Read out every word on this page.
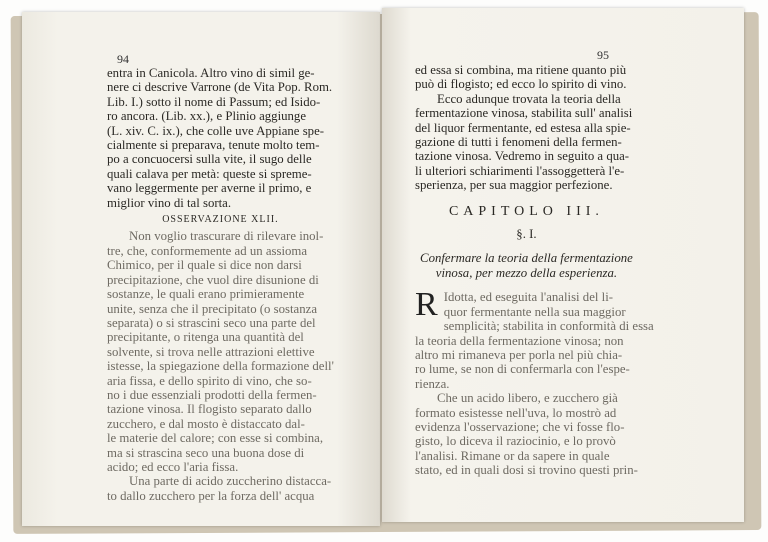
94
entra in Canicola. Altro vino di simil ge-
nere ci descrive Varrone (de Vita Pop. Rom.
Lib. I.) sotto il nome di Passum; ed Isido-
ro ancora. (Lib. xx.), e Plinio aggiunge
(L. xiv. C. ix.), che colle uve Appiane spe-
cialmente si preparava, tenute molto tem-
po a concuocersi sulla vite, il sugo delle
quali calava per metà: queste si spreme-
vano leggermente per averne il primo, e
miglior vino di tal sorta.
OSSERVAZIONE XLII.
Non voglio trascurare di rilevare inol-
tre, che, conformemente ad un assioma
Chimico, per il quale si dice non darsi
precipitazione, che vuol dire disunione di
sostanze, le quali erano primieramente
unite, senza che il precipitato (o sostanza
separata) o si strascini seco una parte del
precipitante, o ritenga una quantità del
solvente, si trova nelle attrazioni elettive
istesse, la spiegazione della formazione dell'
aria fissa, e dello spirito di vino, che so-
no i due essenziali prodotti della fermen-
tazione vinosa. Il flogisto separato dallo
zucchero, e dal mosto è distaccato dal-
le materie del calore; con esse si combina,
ma si strascina seco una buona dose di
acido; ed ecco l'aria fissa.
Una parte di acido zuccherino distacca-
to dallo zucchero per la forza dell' acqua
95
ed essa si combina, ma ritiene quanto più
può di flogisto; ed ecco lo spirito di vino.
Ecco adunque trovata la teoria della
fermentazione vinosa, stabilita sull' analisi
del liquor fermentante, ed estesa alla spie-
gazione di tutti i fenomeni della fermen-
tazione vinosa. Vedremo in seguito a qua-
li ulteriori schiarimenti l'assoggetterà l'e-
sperienza, per sua maggior perfezione.
CAPITOLO III.
§. I.
Confermare la teoria della fermentazione
vinosa, per mezzo della esperienza.
R Idotta, ed eseguita l'analisi del li-
quor fermentante nella sua maggior
semplicità; stabilita in conformità di essa
la teoria della fermentazione vinosa; non
altro mi rimaneva per porla nel più chia-
ro lume, se non di confermarla con l'espe-
rienza.
Che un acido libero, e zucchero già
formato esistesse nell'uva, lo mostrò ad
evidenza l'osservazione; che vi fosse flo-
gisto, lo diceva il raziocinio, e lo provò
l'analisi. Rimane or da sapere in quale
stato, ed in quali dosi si trovino questi prin-
